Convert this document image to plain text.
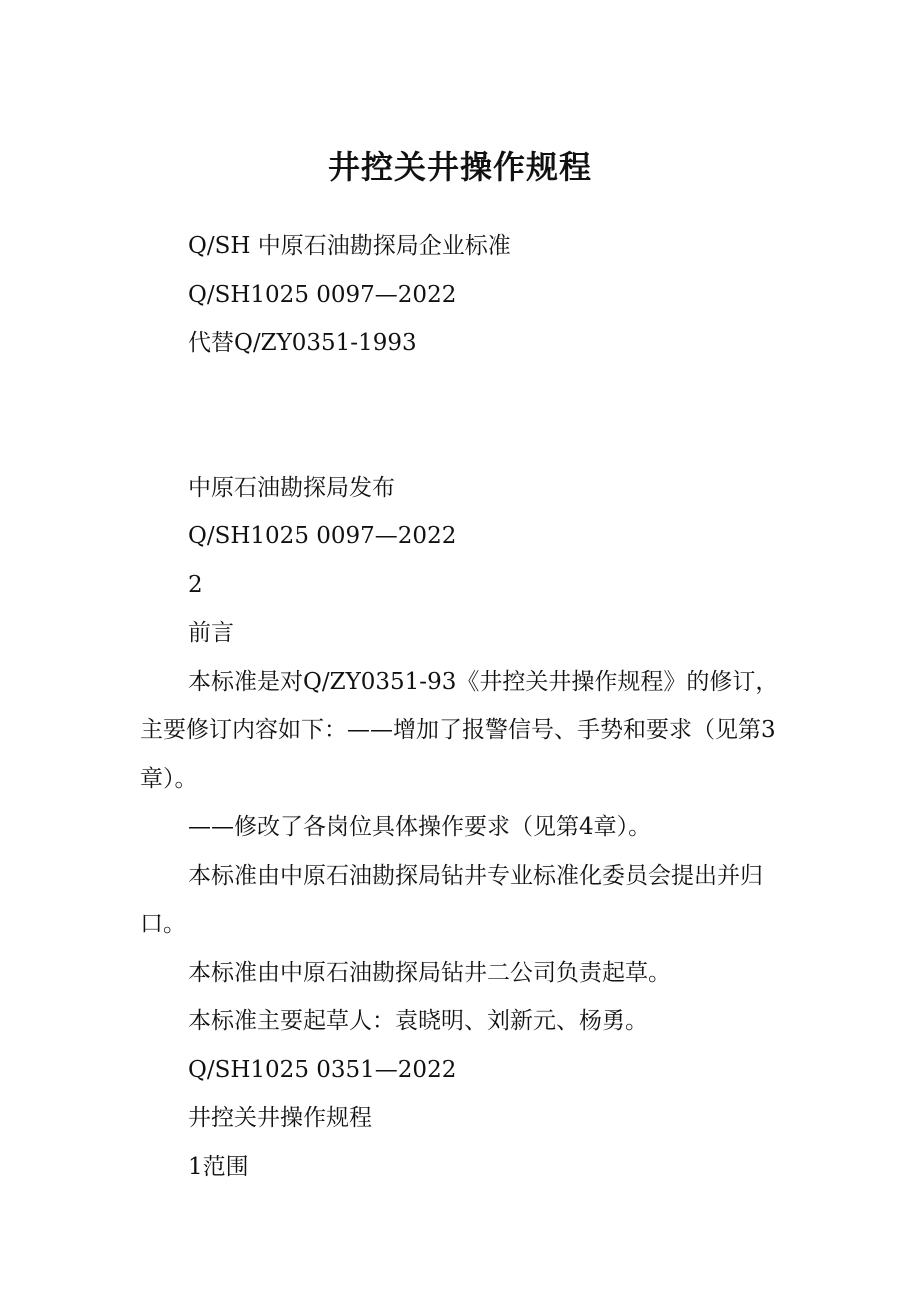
井控关井操作规程

Q/SH 中原石油勘探局企业标准

Q/SH1025 0097—2022

代替Q/ZY0351-1993

中原石油勘探局发布

Q/SH1025 0097—2022

2

前言

本标准是对Q/ZY0351-93《井控关井操作规程》的修订，主要修订内容如下：——增加了报警信号、手势和要求（见第3章）。

——修改了各岗位具体操作要求（见第4章）。

本标准由中原石油勘探局钻井专业标准化委员会提出并归口。

本标准由中原石油勘探局钻井二公司负责起草。

本标准主要起草人：袁晓明、刘新元、杨勇。

Q/SH1025 0351—2022

井控关井操作规程

1范围
